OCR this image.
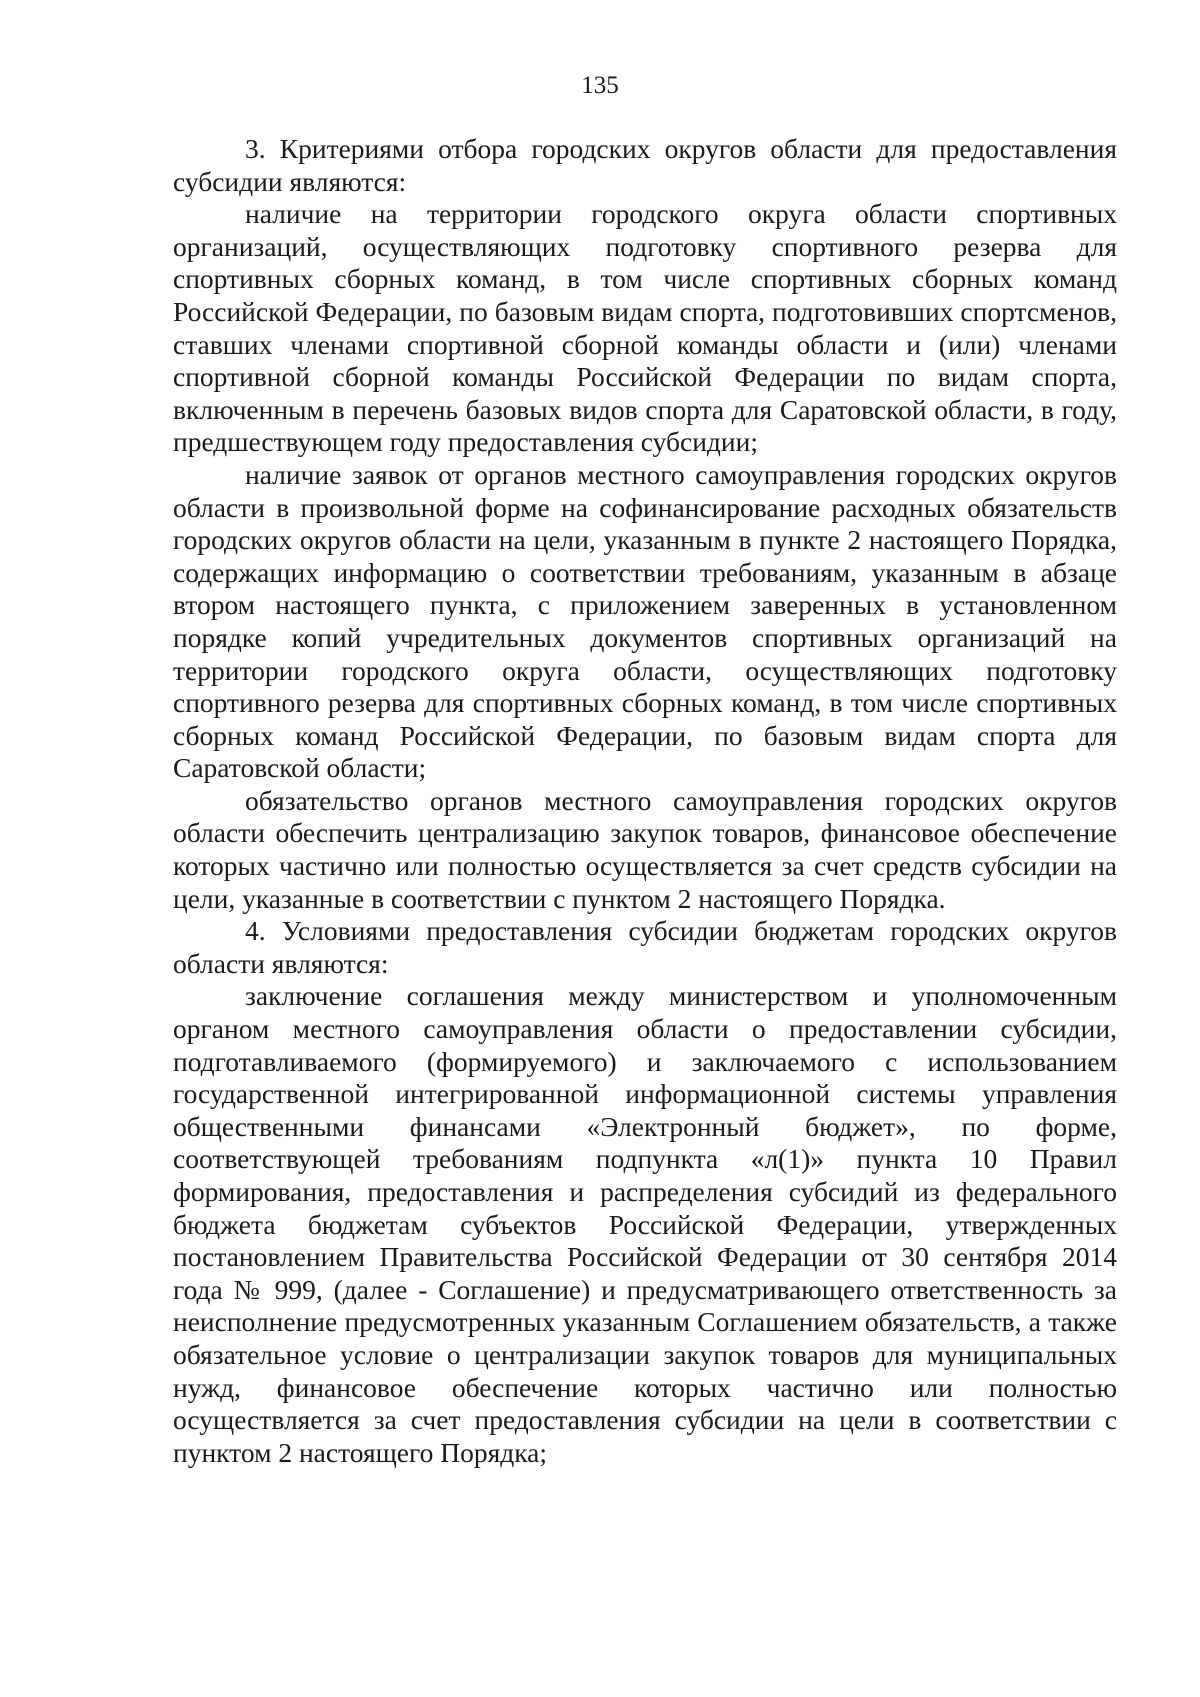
135

3. Критериями отбора городских округов области для предоставления субсидии являются:

наличие на территории городского округа области спортивных организаций, осуществляющих подготовку спортивного резерва для спортивных сборных команд, в том числе спортивных сборных команд Российской Федерации, по базовым видам спорта, подготовивших спортсменов, ставших членами спортивной сборной команды области и (или) членами спортивной сборной команды Российской Федерации по видам спорта, включенным в перечень базовых видов спорта для Саратовской области, в году, предшествующем году предоставления субсидии;

наличие заявок от органов местного самоуправления городских округов области в произвольной форме на софинансирование расходных обязательств городских округов области на цели, указанным в пункте 2 настоящего Порядка, содержащих информацию о соответствии требованиям, указанным в абзаце втором настоящего пункта, с приложением заверенных в установленном порядке копий учредительных документов спортивных организаций на территории городского округа области, осуществляющих подготовку спортивного резерва для спортивных сборных команд, в том числе спортивных сборных команд Российской Федерации, по базовым видам спорта для Саратовской области;

обязательство органов местного самоуправления городских округов области обеспечить централизацию закупок товаров, финансовое обеспечение которых частично или полностью осуществляется за счет средств субсидии на цели, указанные в соответствии с пунктом 2 настоящего Порядка.

4. Условиями предоставления субсидии бюджетам городских округов области являются:

заключение соглашения между министерством и уполномоченным органом местного самоуправления области о предоставлении субсидии, подготавливаемого (формируемого) и заключаемого с использованием государственной интегрированной информационной системы управления общественными финансами «Электронный бюджет», по форме, соответствующей требованиям подпункта «л(1)» пункта 10 Правил формирования, предоставления и распределения субсидий из федерального бюджета бюджетам субъектов Российской Федерации, утвержденных постановлением Правительства Российской Федерации от 30 сентября 2014 года № 999, (далее - Соглашение) и предусматривающего ответственность за неисполнение предусмотренных указанным Соглашением обязательств, а также обязательное условие о централизации закупок товаров для муниципальных нужд, финансовое обеспечение которых частично или полностью осуществляется за счет предоставления субсидии на цели в соответствии с пунктом 2 настоящего Порядка;
